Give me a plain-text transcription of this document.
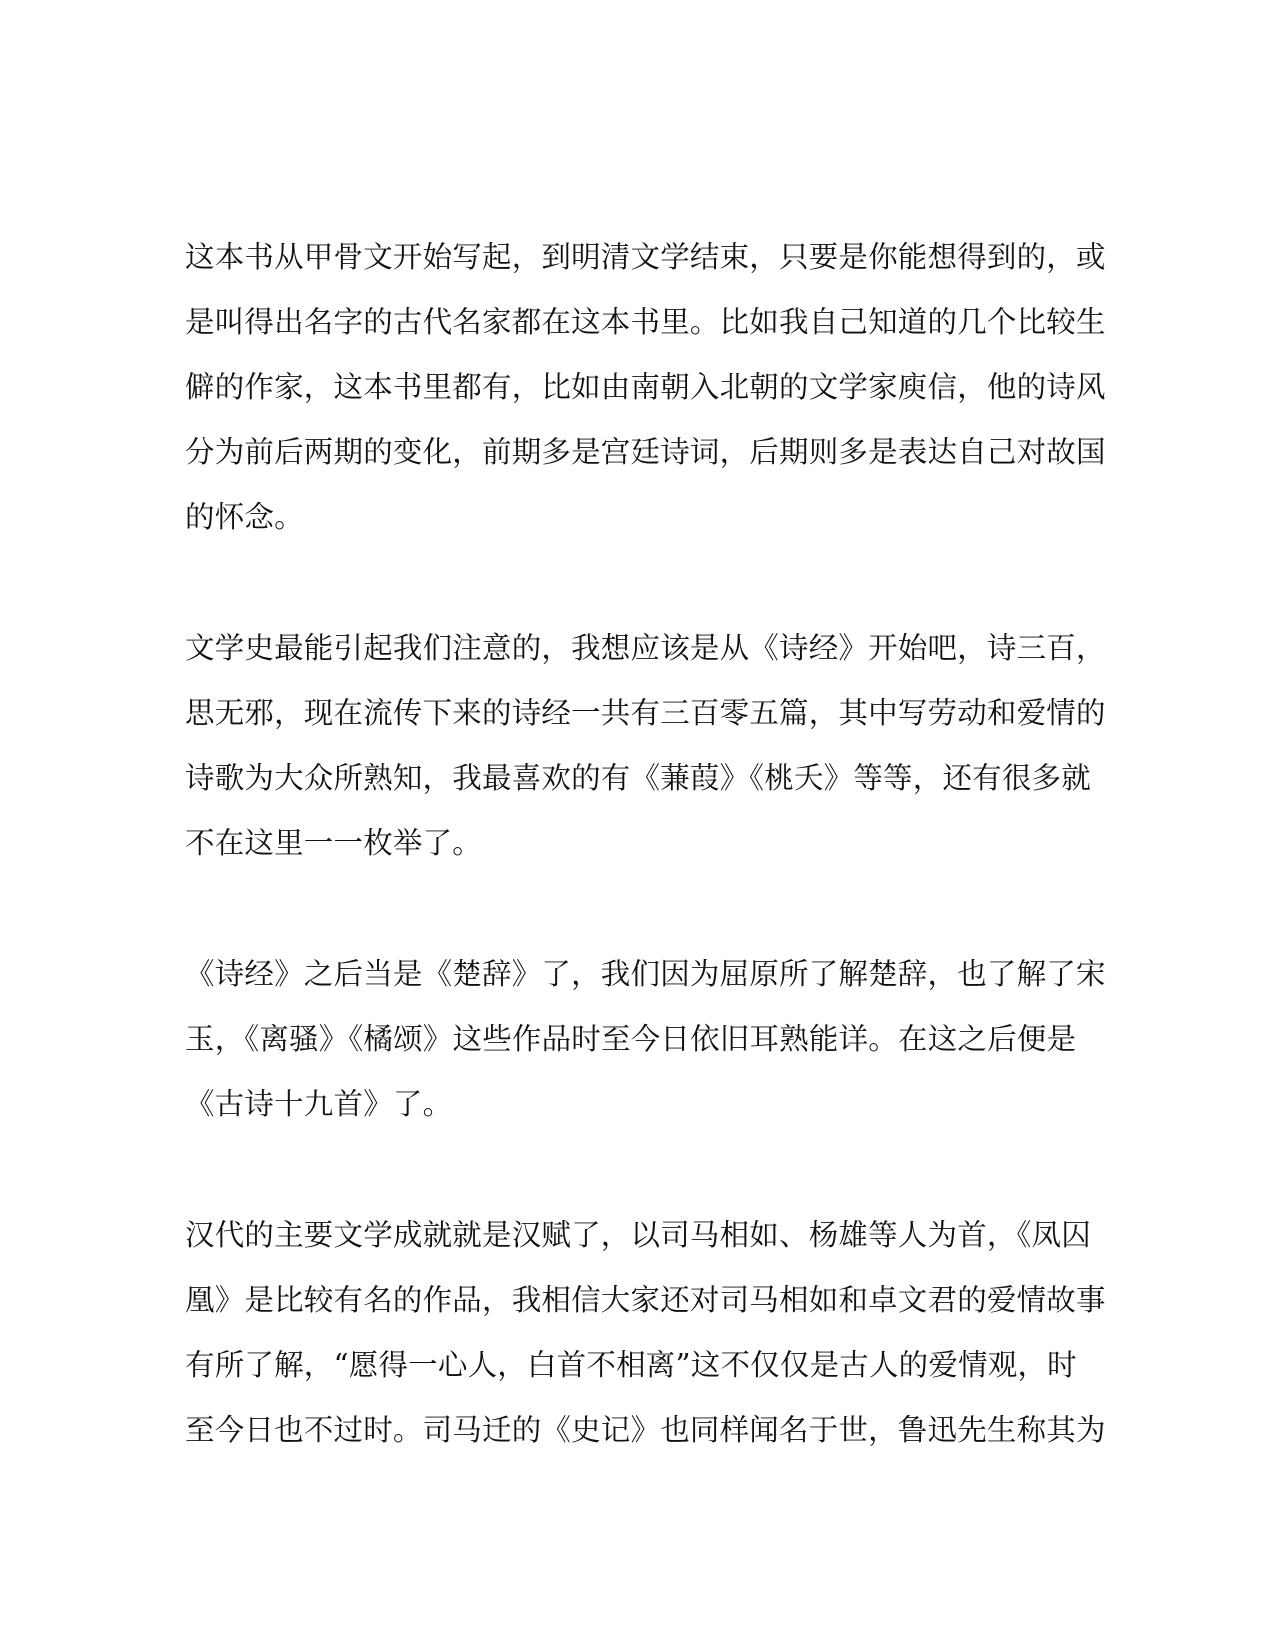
这本书从甲骨文开始写起，到明清文学结束，只要是你能想得到的，或
是叫得出名字的古代名家都在这本书里。比如我自己知道的几个比较生
僻的作家，这本书里都有，比如由南朝入北朝的文学家庾信，他的诗风
分为前后两期的变化，前期多是宫廷诗词，后期则多是表达自己对故国
的怀念。
文学史最能引起我们注意的，我想应该是从《诗经》开始吧，诗三百，
思无邪，现在流传下来的诗经一共有三百零五篇，其中写劳动和爱情的
诗歌为大众所熟知，我最喜欢的有《蒹葭》《桃夭》等等，还有很多就
不在这里一一枚举了。
《诗经》之后当是《楚辞》了，我们因为屈原所了解楚辞，也了解了宋
玉，《离骚》《橘颂》这些作品时至今日依旧耳熟能详。在这之后便是
《古诗十九首》了。
汉代的主要文学成就就是汉赋了，以司马相如、杨雄等人为首，《凤囚
凰》是比较有名的作品，我相信大家还对司马相如和卓文君的爱情故事
有所了解，“愿得一心人，白首不相离”这不仅仅是古人的爱情观，时
至今日也不过时。司马迁的《史记》也同样闻名于世，鲁迅先生称其为
